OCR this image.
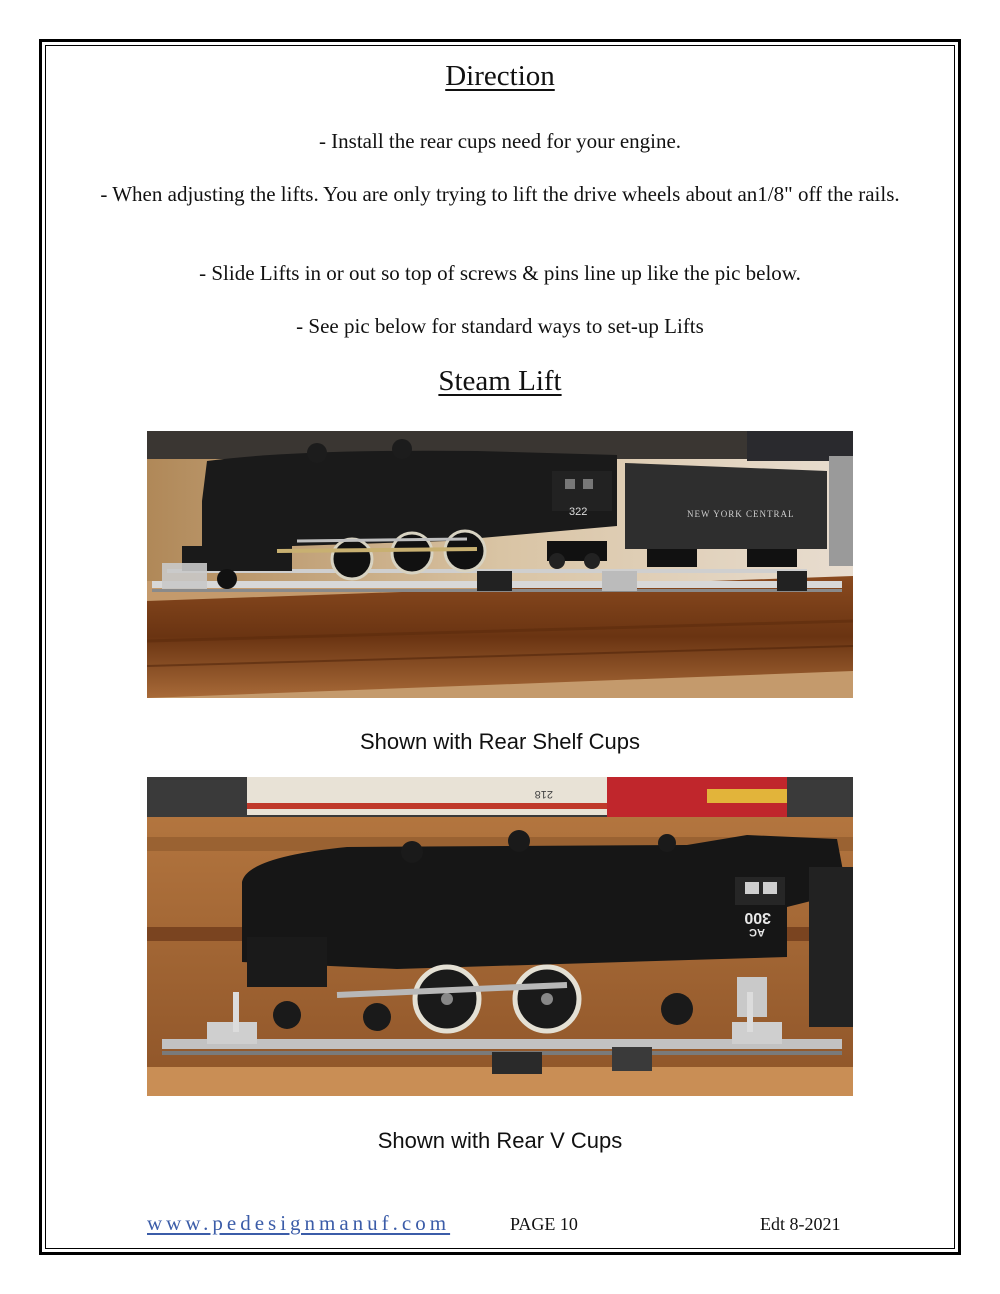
Direction
- Install the rear cups need for your engine.
- When adjusting the lifts. You are only trying to lift the drive wheels about an1/8" off the rails.
- Slide Lifts in or out so top of screws & pins line up like the pic below.
- See pic below for standard ways to set-up Lifts
Steam Lift
322	NEW YORK CENTRAL
Shown with Rear Shelf Cups
218
300
AC
Shown with Rear V Cups
www.pedesignmanuf.com	PAGE 10	Edt 8-2021
